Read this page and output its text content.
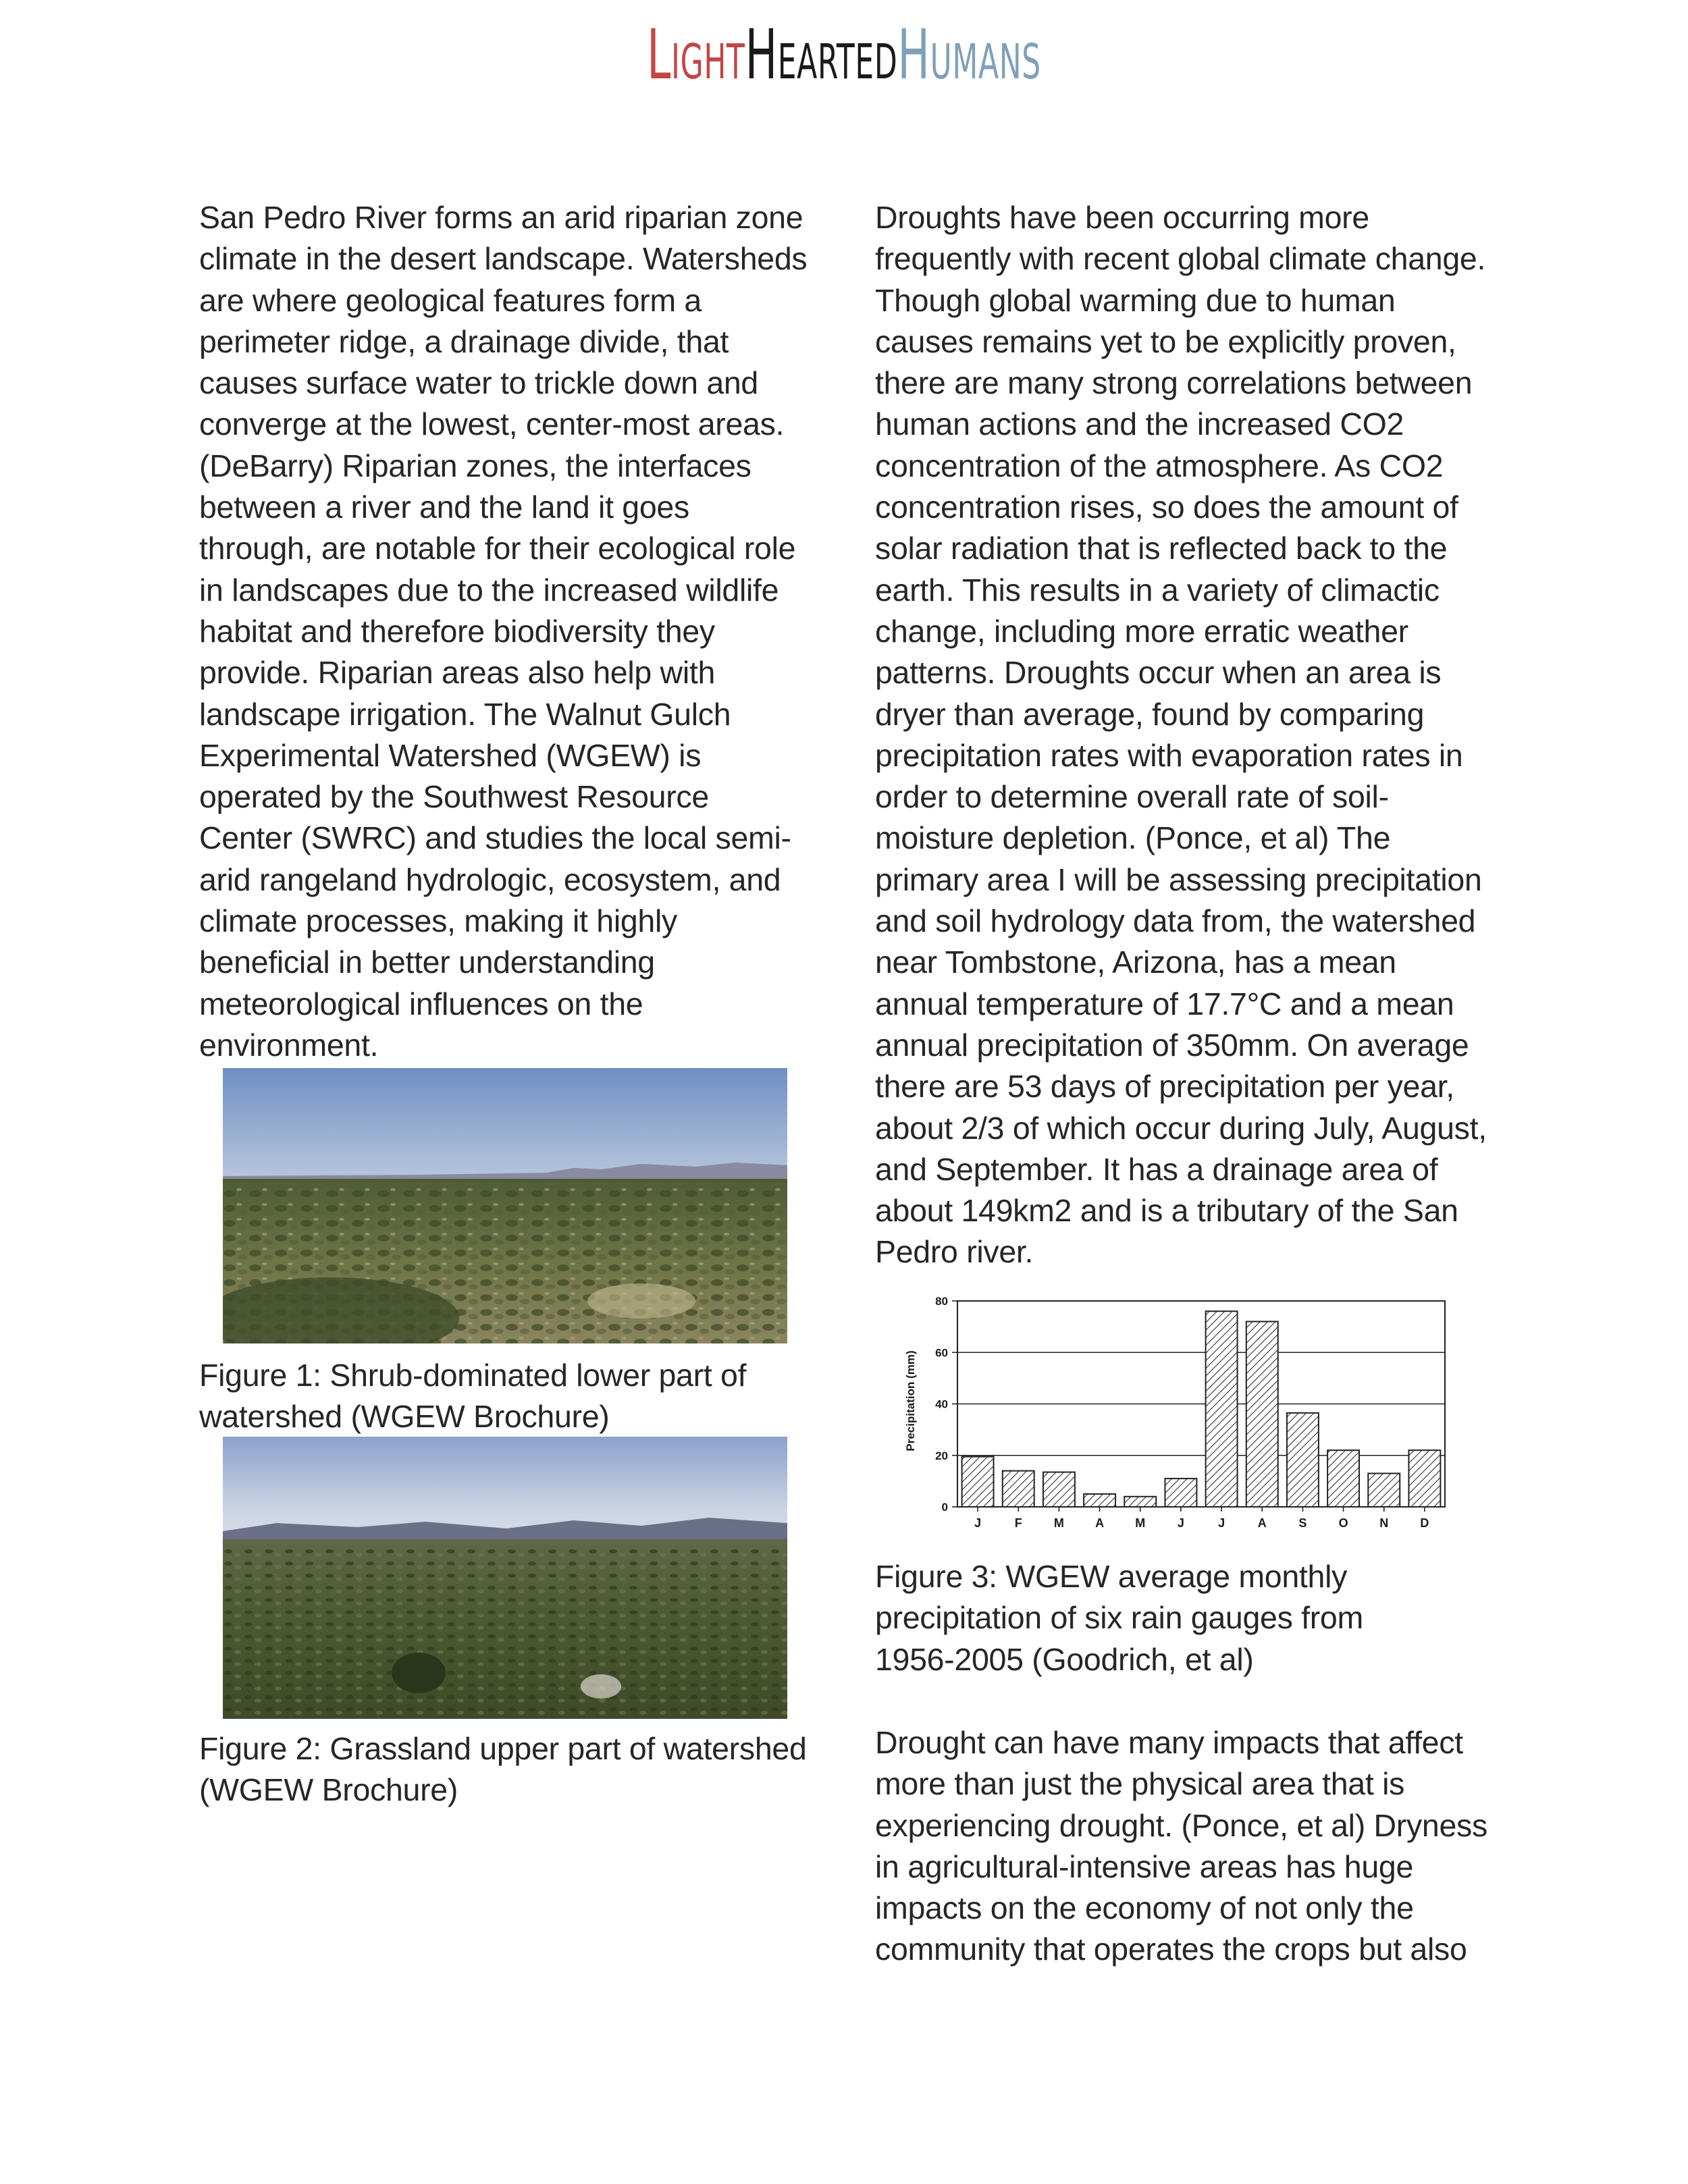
LightHeartedHumans

San Pedro River forms an arid riparian zone climate in the desert landscape. Watersheds are where geological features form a perimeter ridge, a drainage divide, that causes surface water to trickle down and converge at the lowest, center-most areas. (DeBarry) Riparian zones, the interfaces between a river and the land it goes through, are notable for their ecological role in landscapes due to the increased wildlife habitat and therefore biodiversity they provide. Riparian areas also help with landscape irrigation. The Walnut Gulch Experimental Watershed (WGEW) is operated by the Southwest Resource Center (SWRC) and studies the local semi-arid rangeland hydrologic, ecosystem, and climate processes, making it highly beneficial in better understanding meteorological influences on the environment.

Figure 1: Shrub-dominated lower part of watershed (WGEW Brochure)

Figure 2: Grassland upper part of watershed (WGEW Brochure)

Droughts have been occurring more frequently with recent global climate change. Though global warming due to human causes remains yet to be explicitly proven, there are many strong correlations between human actions and the increased CO2 concentration of the atmosphere. As CO2 concentration rises, so does the amount of solar radiation that is reflected back to the earth. This results in a variety of climactic change, including more erratic weather patterns. Droughts occur when an area is dryer than average, found by comparing precipitation rates with evaporation rates in order to determine overall rate of soil-moisture depletion. (Ponce, et al) The primary area I will be assessing precipitation and soil hydrology data from, the watershed near Tombstone, Arizona, has a mean annual temperature of 17.7°C and a mean annual precipitation of 350mm. On average there are 53 days of precipitation per year, about 2/3 of which occur during July, August, and September. It has a drainage area of about 149km2 and is a tributary of the San Pedro river.

0
20
40
60
80
J	F	M	A	M	J	J	A	S	O	N	D
Precipitation (mm)

Figure 3: WGEW average monthly precipitation of six rain gauges from 1956-2005 (Goodrich, et al)

Drought can have many impacts that affect more than just the physical area that is experiencing drought. (Ponce, et al) Dryness in agricultural-intensive areas has huge impacts on the economy of not only the community that operates the crops but also
